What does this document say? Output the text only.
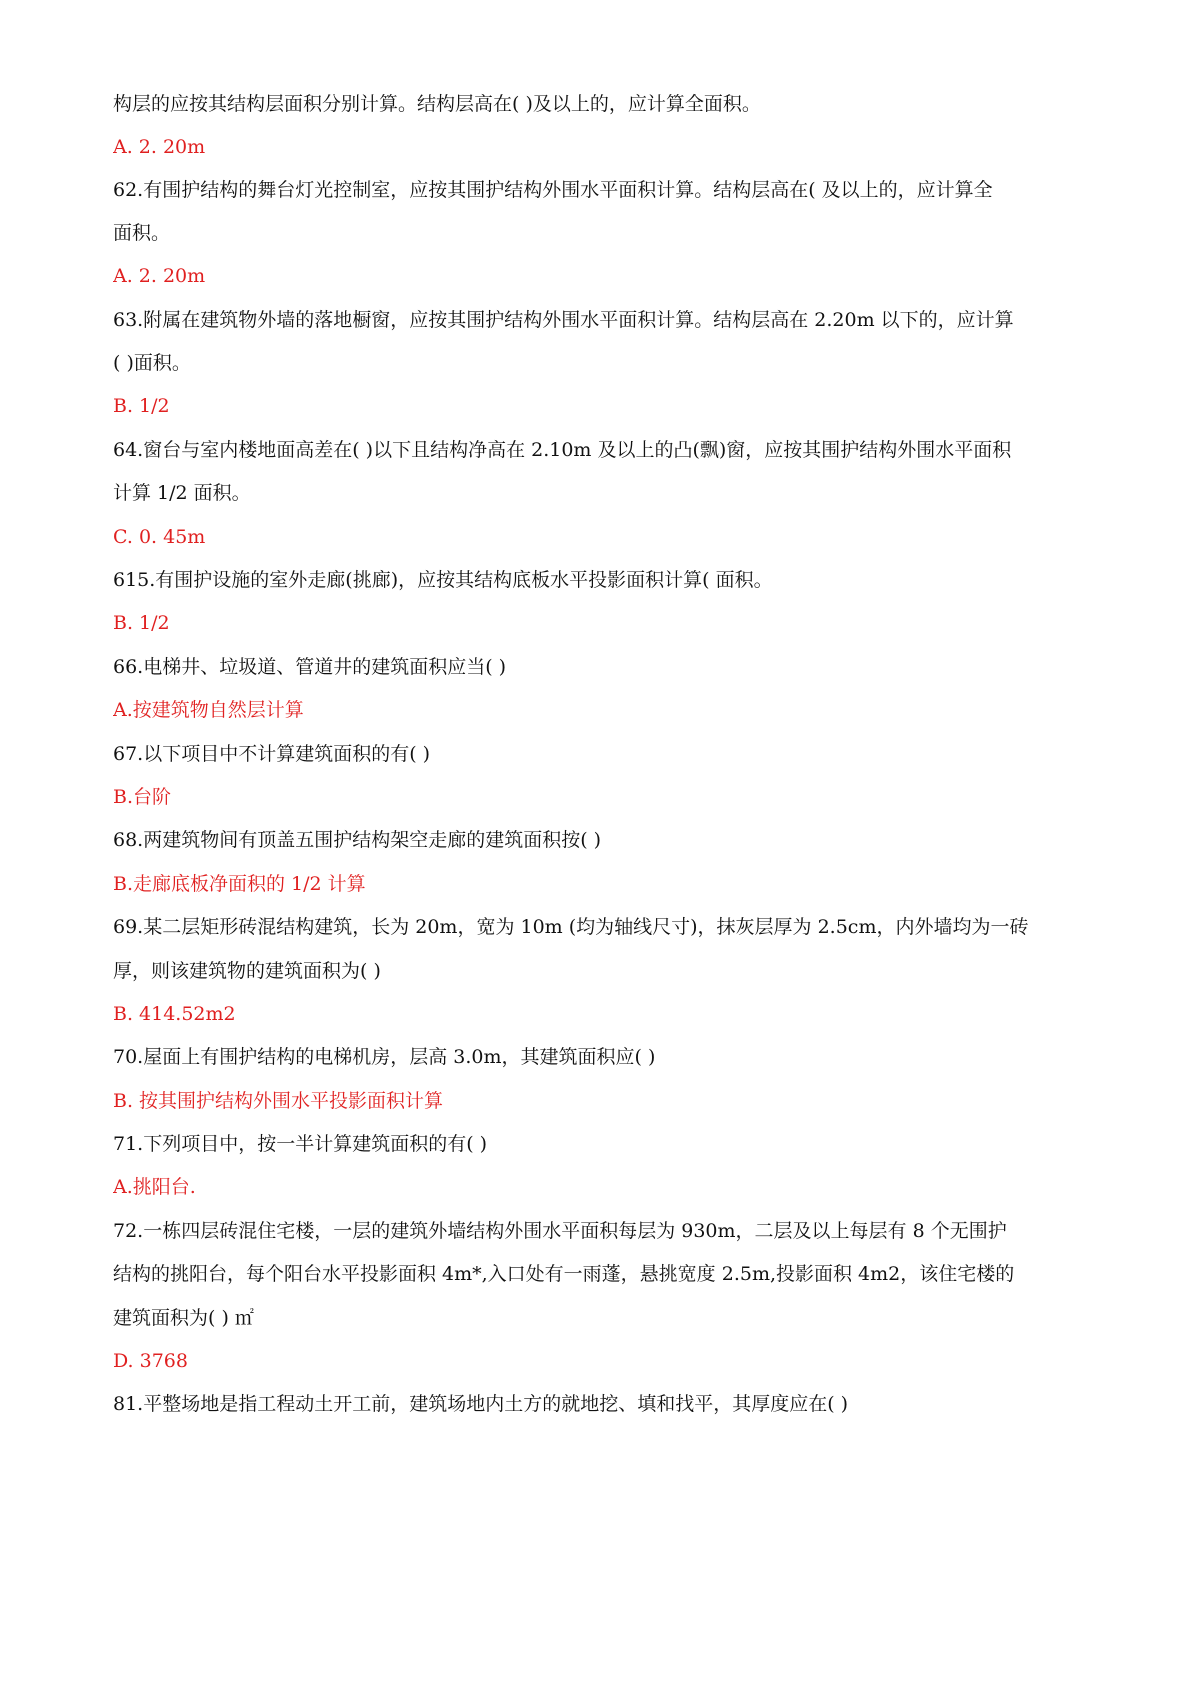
构层的应按其结构层面积分别计算。结构层高在( )及以上的，应计算全面积。
A. 2. 20m
62.有围护结构的舞台灯光控制室，应按其围护结构外围水平面积计算。结构层高在( 及以上的，应计算全
面积。
A. 2. 20m
63.附属在建筑物外墙的落地橱窗，应按其围护结构外围水平面积计算。结构层高在 2.20m 以下的，应计算
( )面积。
B. 1/2
64.窗台与室内楼地面高差在( )以下且结构净高在 2.10m 及以上的凸(飘)窗，应按其围护结构外围水平面积
计算 1/2 面积。
C. 0. 45m
615.有围护设施的室外走廊(挑廊)，应按其结构底板水平投影面积计算( 面积。
B. 1/2
66.电梯井、垃圾道、管道井的建筑面积应当( )
A.按建筑物自然层计算
67.以下项目中不计算建筑面积的有( )
B.台阶
68.两建筑物间有顶盖五围护结构架空走廊的建筑面积按( )
B.走廊底板净面积的 1/2 计算
69.某二层矩形砖混结构建筑，长为 20m，宽为 10m (均为轴线尺寸)，抹灰层厚为 2.5cm，内外墙均为一砖
厚，则该建筑物的建筑面积为( )
B. 414.52m2
70.屋面上有围护结构的电梯机房，层高 3.0m，其建筑面积应( )
B. 按其围护结构外围水平投影面积计算
71.下列项目中，按一半计算建筑面积的有( )
A.挑阳台.
72.一栋四层砖混住宅楼，一层的建筑外墙结构外围水平面积每层为 930m，二层及以上每层有 8 个无围护
结构的挑阳台，每个阳台水平投影面积 4m*,入口处有一雨蓬，悬挑宽度 2.5m,投影面积 4m2，该住宅楼的
建筑面积为( ) ㎡
D. 3768
81.平整场地是指工程动土开工前，建筑场地内土方的就地挖、填和找平，其厚度应在( )
